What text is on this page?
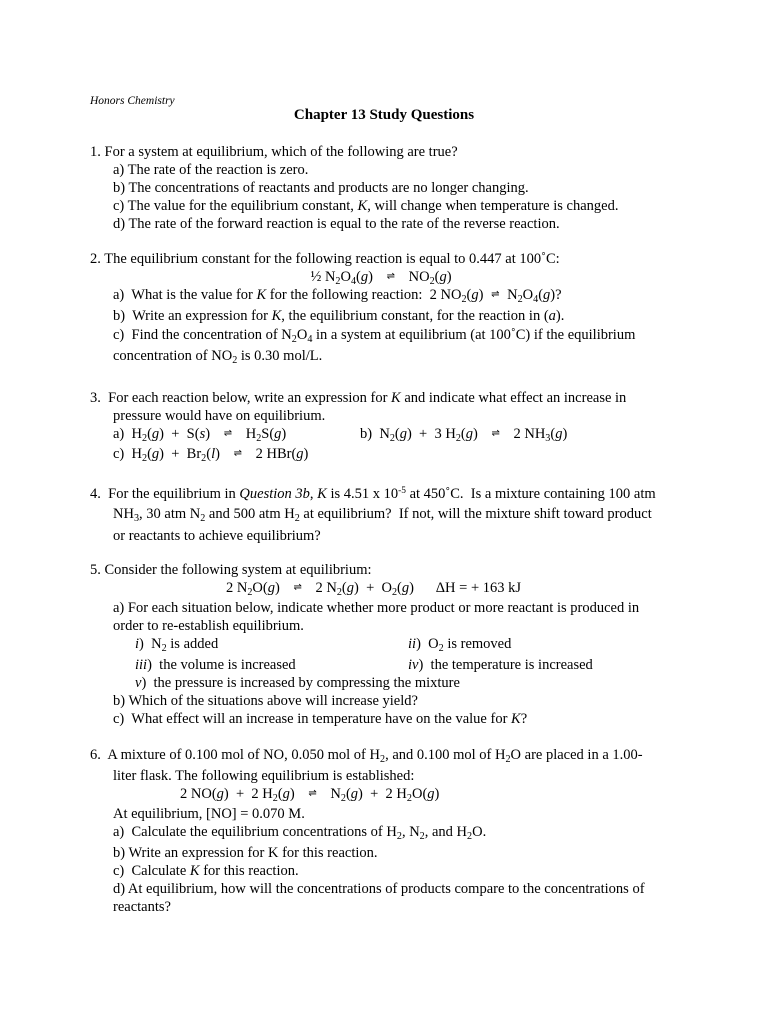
Honors Chemistry
Chapter 13 Study Questions
1. For a system at equilibrium, which of the following are true?
a) The rate of the reaction is zero.
b) The concentrations of reactants and products are no longer changing.
c) The value for the equilibrium constant, K, will change when temperature is changed.
d) The rate of the forward reaction is equal to the rate of the reverse reaction.
2. The equilibrium constant for the following reaction is equal to 0.447 at 100˚C:
½ $N_2O_4(g)$ ⇌ $NO_2(g)$
a)  What is the value for K for the following reaction:  2 $NO_2(g)$ ⇌ $N_2O_4(g)$?
b)  Write an expression for K, the equilibrium constant, for the reaction in (a).
c)  Find the concentration of $N_2O_4$ in a system at equilibrium (at 100˚C) if the equilibrium
concentration of $NO_2$ is 0.30 mol/L.
3.  For each reaction below, write an expression for K and indicate what effect an increase in
pressure would have on equilibrium.
a)  $H_2(g) + S(s)$ ⇌ $H_2S(g)$	b)  $N_2(g) + 3$ $H_2(g)$ ⇌ 2 $NH_3(g)$
c)  $H_2(g) + Br_2(l)$ ⇌ 2 HBr(g)
4.  For the equilibrium in Question 3b, K is 4.51 x $10^{-5}$ at 450˚C.  Is a mixture containing 100 atm
$NH_3$, 30 atm $N_2$ and 500 atm $H_2$ at equilibrium?  If not, will the mixture shift toward product
or reactants to achieve equilibrium?
5. Consider the following system at equilibrium:
2 $N_2O(g)$ ⇌ 2 $N_2(g) + O_2(g)$      ΔH = + 163 kJ
a) For each situation below, indicate whether more product or more reactant is produced in
order to re-establish equilibrium.
i)  $N_2$ is added	ii)  $O_2$ is removed
iii)  the volume is increased	iv)  the temperature is increased
v)  the pressure is increased by compressing the mixture
b) Which of the situations above will increase yield?
c)  What effect will an increase in temperature have on the value for K?
6.  A mixture of 0.100 mol of NO, 0.050 mol of $H_2$, and 0.100 mol of $H_2O$ are placed in a 1.00-
liter flask. The following equilibrium is established:
2 NO(g)  +  2 $H_2(g)$ ⇌ $N_2(g) + 2$ $H_2O(g)$
At equilibrium, [NO] = 0.070 M.
a)  Calculate the equilibrium concentrations of $H_2$, $N_2$, and $H_2O$.
b) Write an expression for K for this reaction.
c)  Calculate K for this reaction.
d) At equilibrium, how will the concentrations of products compare to the concentrations of
reactants?
